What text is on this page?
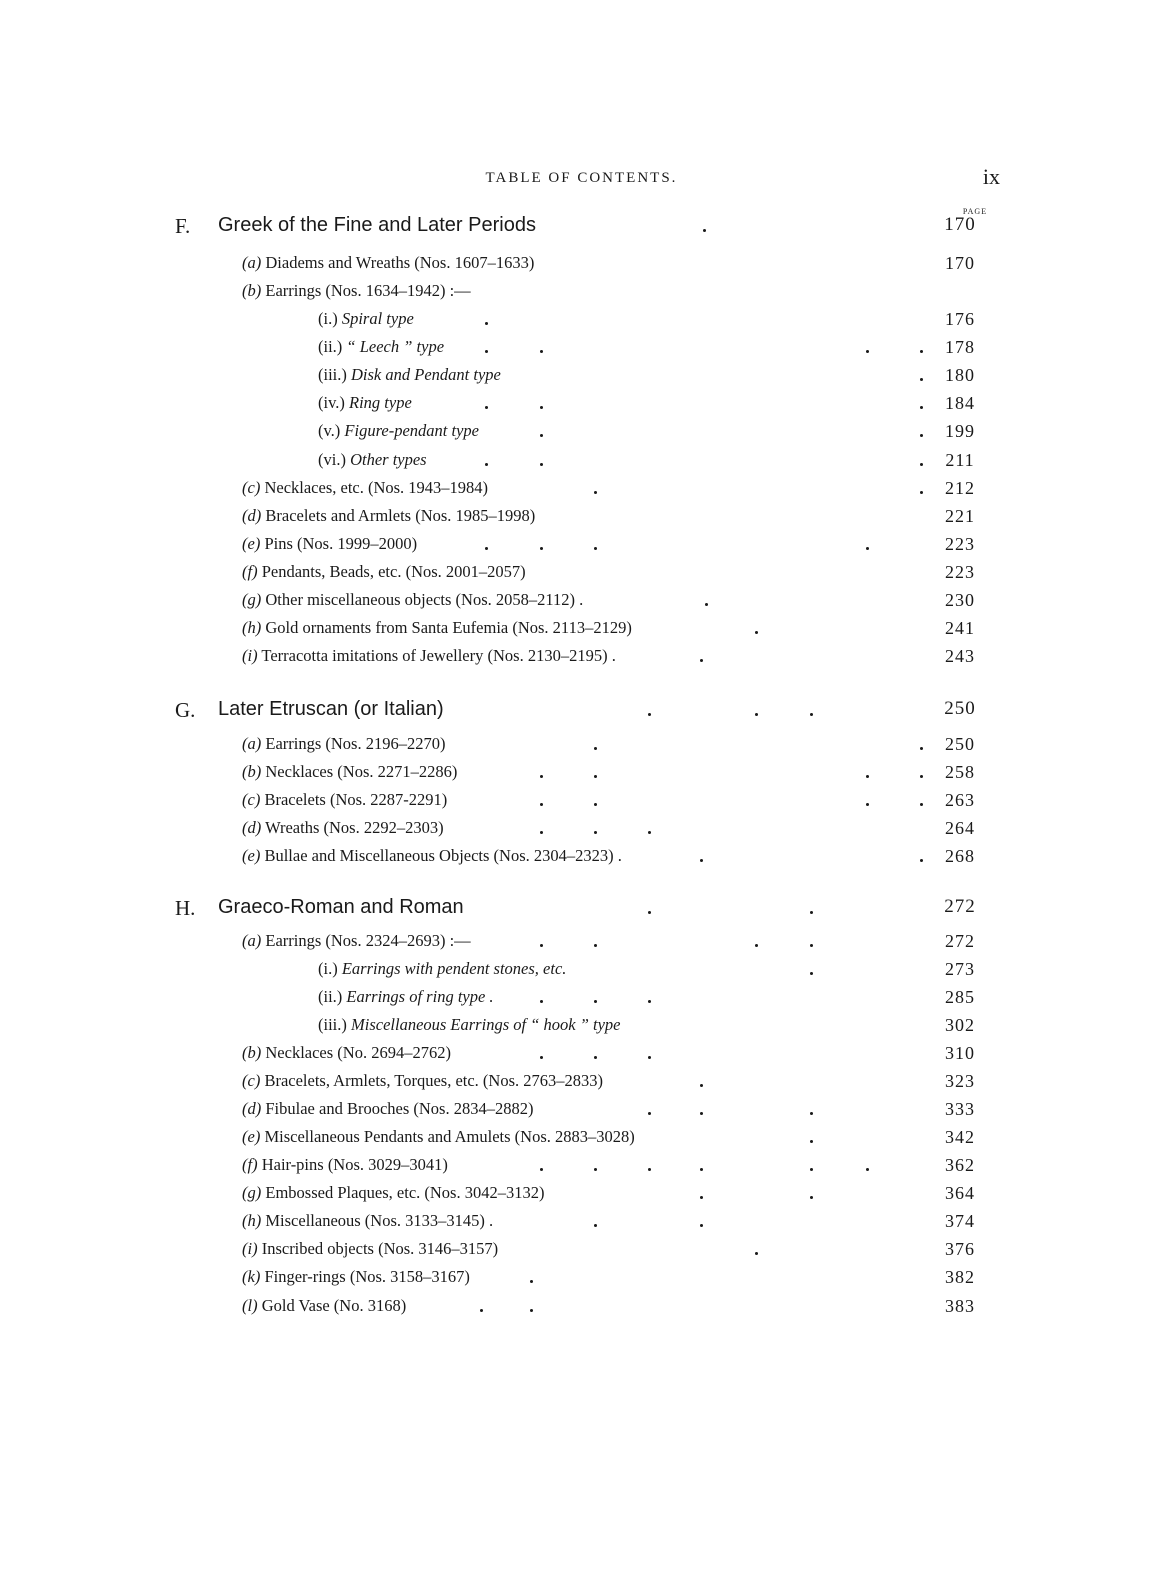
TABLE OF CONTENTS.	ix
PAGE
F. Greek of the Fine and Later Periods	170
(a) Diadems and Wreaths (Nos. 1607–1633)	170
(b) Earrings (Nos. 1634–1942) :—
(i.) Spiral type	176
(ii.) “ Leech ” type	178
(iii.) Disk and Pendant type	180
(iv.) Ring type	184
(v.) Figure-pendant type	199
(vi.) Other types	211
(c) Necklaces, etc. (Nos. 1943–1984)	212
(d) Bracelets and Armlets (Nos. 1985–1998)	221
(e) Pins (Nos. 1999–2000)	223
(f) Pendants, Beads, etc. (Nos. 2001–2057)	223
(g) Other miscellaneous objects (Nos. 2058–2112) .	230
(h) Gold ornaments from Santa Eufemia (Nos. 2113–2129)	241
(i) Terracotta imitations of Jewellery (Nos. 2130–2195) .	243
G. Later Etruscan (or Italian)	250
(a) Earrings (Nos. 2196–2270)	250
(b) Necklaces (Nos. 2271–2286)	258
(c) Bracelets (Nos. 2287-2291)	263
(d) Wreaths (Nos. 2292–2303)	264
(e) Bullae and Miscellaneous Objects (Nos. 2304–2323) .	268
H. Graeco-Roman and Roman	272
(a) Earrings (Nos. 2324–2693) :—	272
(i.) Earrings with pendent stones, etc.	273
(ii.) Earrings of ring type .	285
(iii.) Miscellaneous Earrings of “ hook ” type	302
(b) Necklaces (No. 2694–2762)	310
(c) Bracelets, Armlets, Torques, etc. (Nos. 2763–2833)	323
(d) Fibulae and Brooches (Nos. 2834–2882)	333
(e) Miscellaneous Pendants and Amulets (Nos. 2883–3028)	342
(f) Hair-pins (Nos. 3029–3041)	362
(g) Embossed Plaques, etc. (Nos. 3042–3132)	364
(h) Miscellaneous (Nos. 3133–3145) .	374
(i) Inscribed objects (Nos. 3146–3157)	376
(k) Finger-rings (Nos. 3158–3167)	382
(l) Gold Vase (No. 3168)	383
